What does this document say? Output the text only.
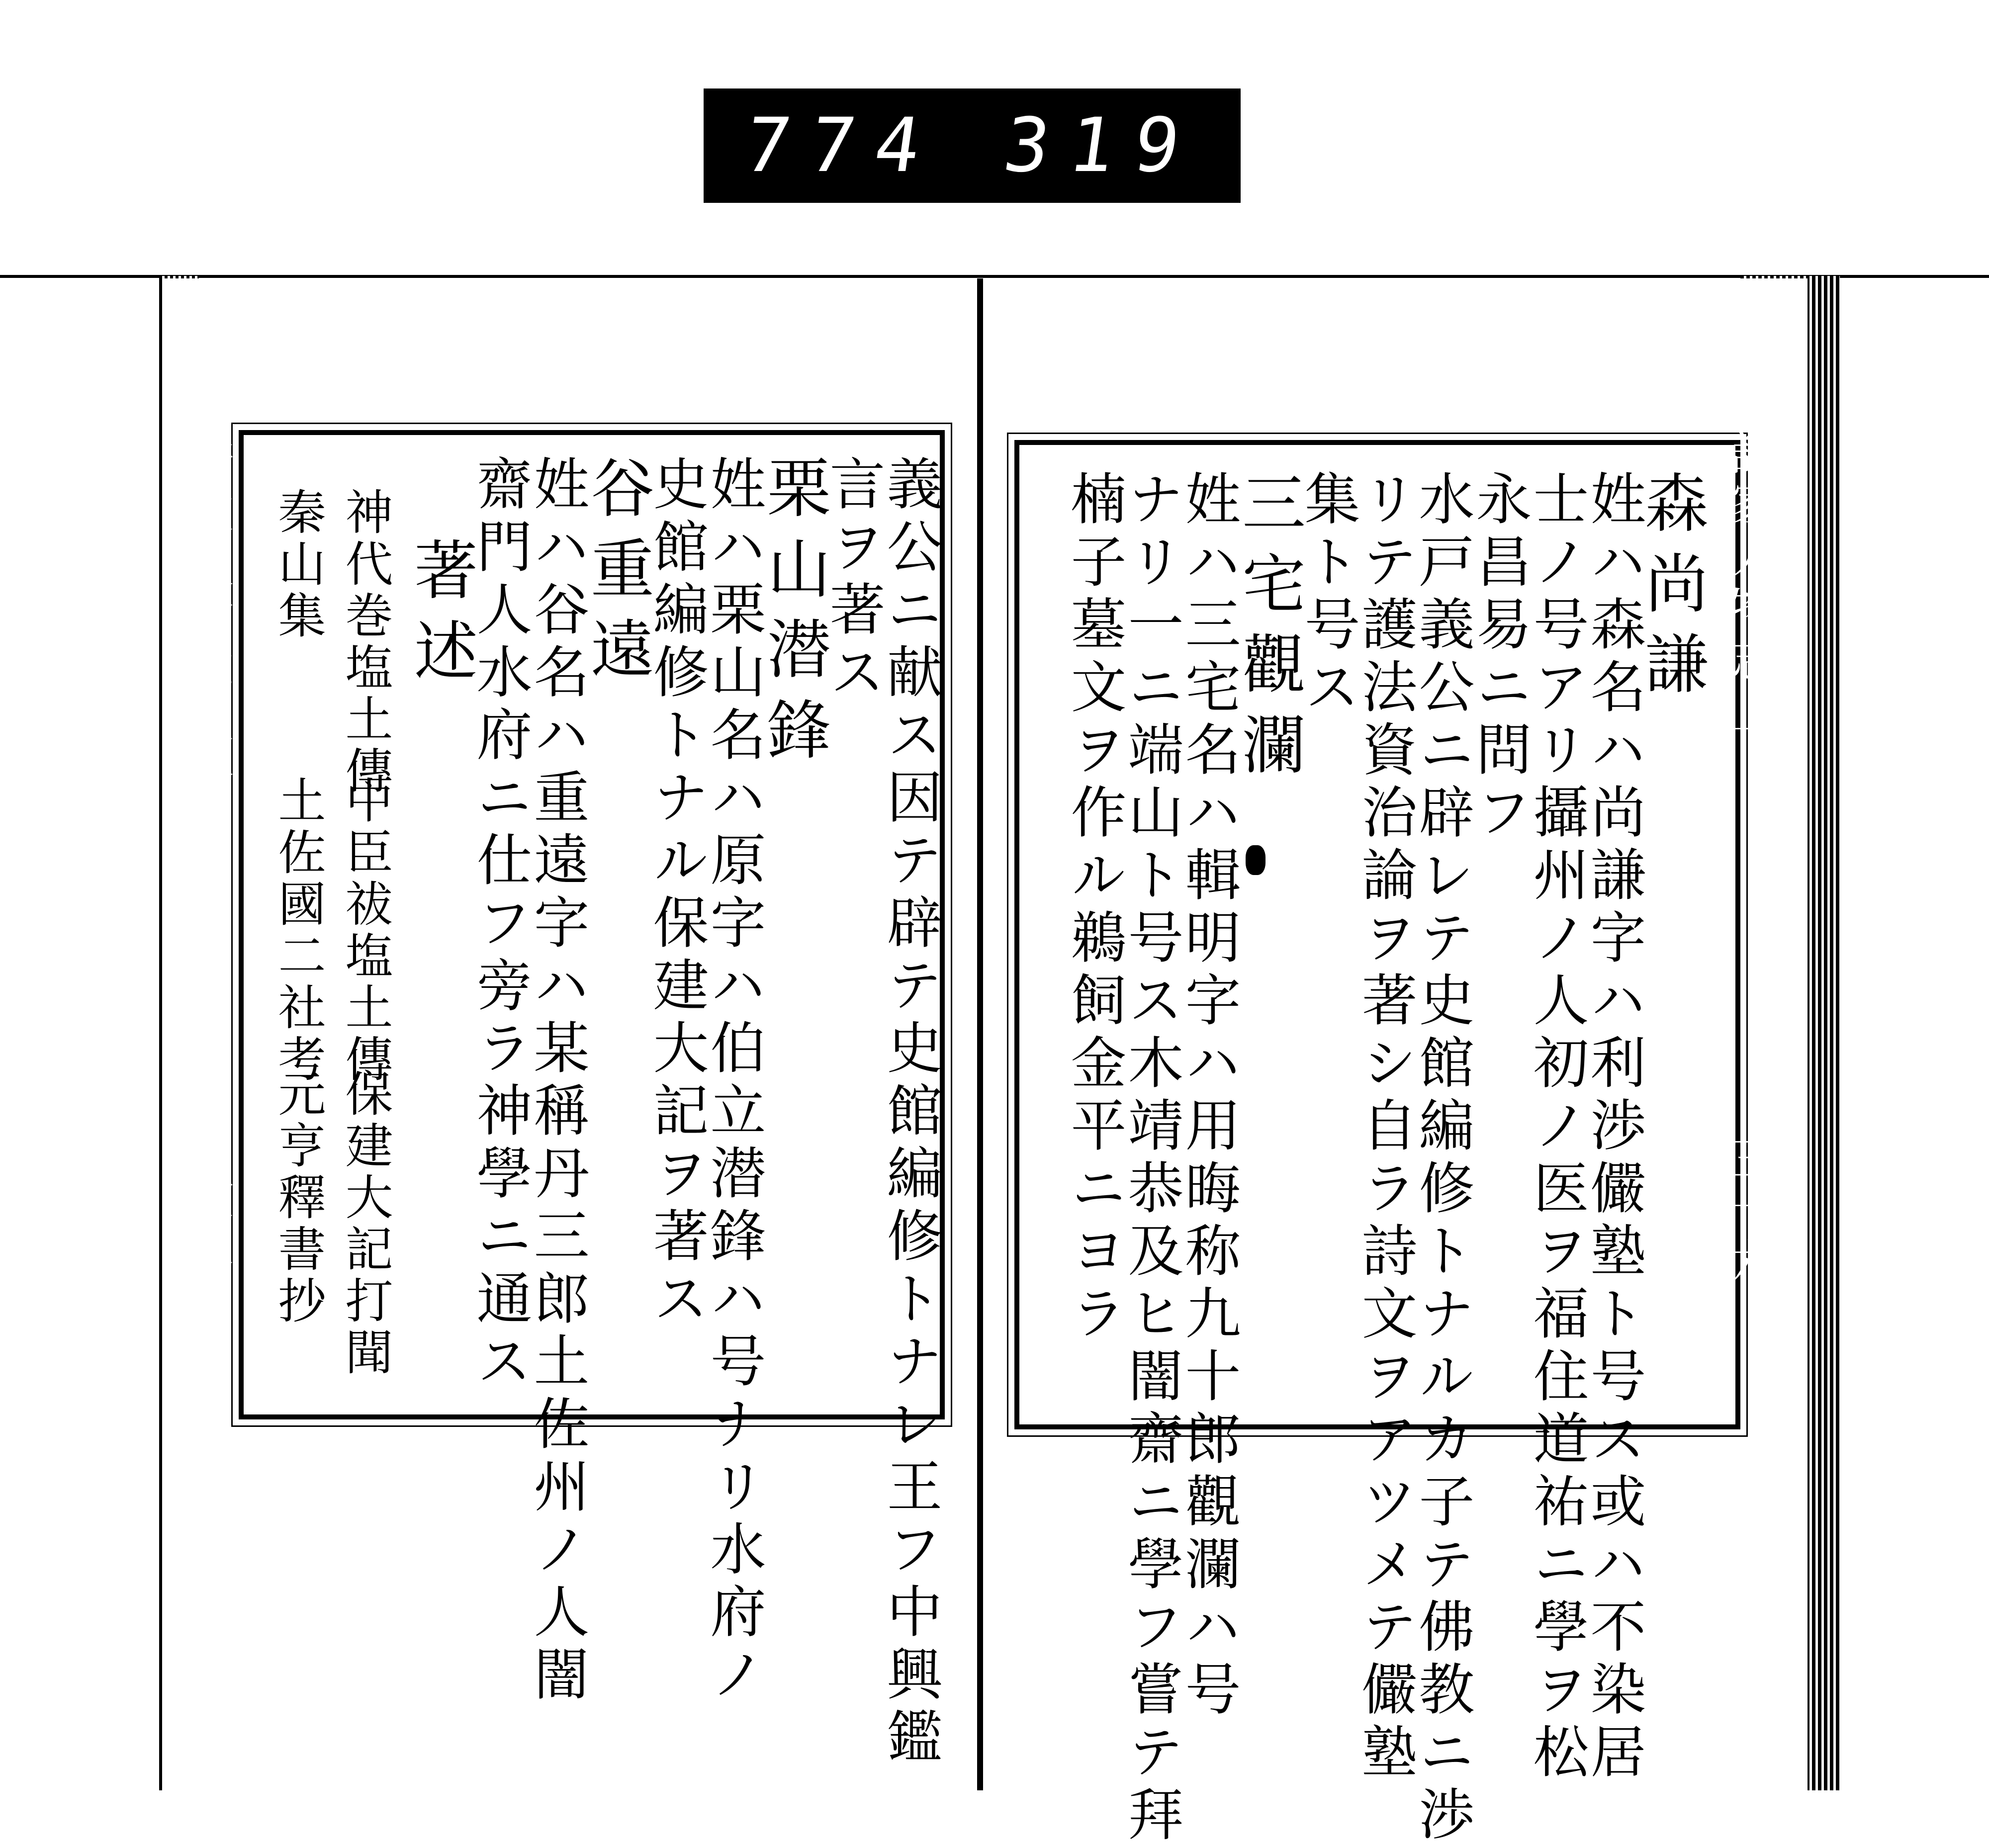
774 319
諸家人物志上
三十六
諸家人物志上谷
三十七
森尚謙
姓ハ森名ハ尚謙字ハ利渉儼塾ト号ス或ハ不染居
士ノ号アリ攝州ノ人初ノ医ヲ福住道祐ニ學ヲ松
永昌易ニ問フ
水戸義公ニ辟レテ史館編修トナルカ子テ佛教ニ渉
リテ護法資治論ヲ著シ自ラ詩文ヲアツメテ儼塾
集ト号ス
三宅觀瀾
姓ハ三宅名ハ輯明字ハ用晦称九十郎觀瀾ハ号
ナリ一ニ端山ト号ス木靖恭及ヒ闇齋ニ學フ嘗テ拜
楠子墓文ヲ作ル鵜飼金平ニヨラ
義公ニ献ス因テ辟テ史館編修トナレ王フ中興鑑
言ヲ著ス
栗山潜鋒
姓ハ栗山名ハ原字ハ伯立潜鋒ハ号ナリ水府ノ
史館編修トナル保建大記ヲ著ス
谷重遠
姓ハ谷名ハ重遠字ハ某稱丹三郎土佐州ノ人闇
齋門人水府ニ仕フ旁ラ神學ニ通ス
著述
神代巻塩土傳
中臣祓塩土傳
保建大記打聞
秦山集
土佐國二社考
元亨釋書抄
